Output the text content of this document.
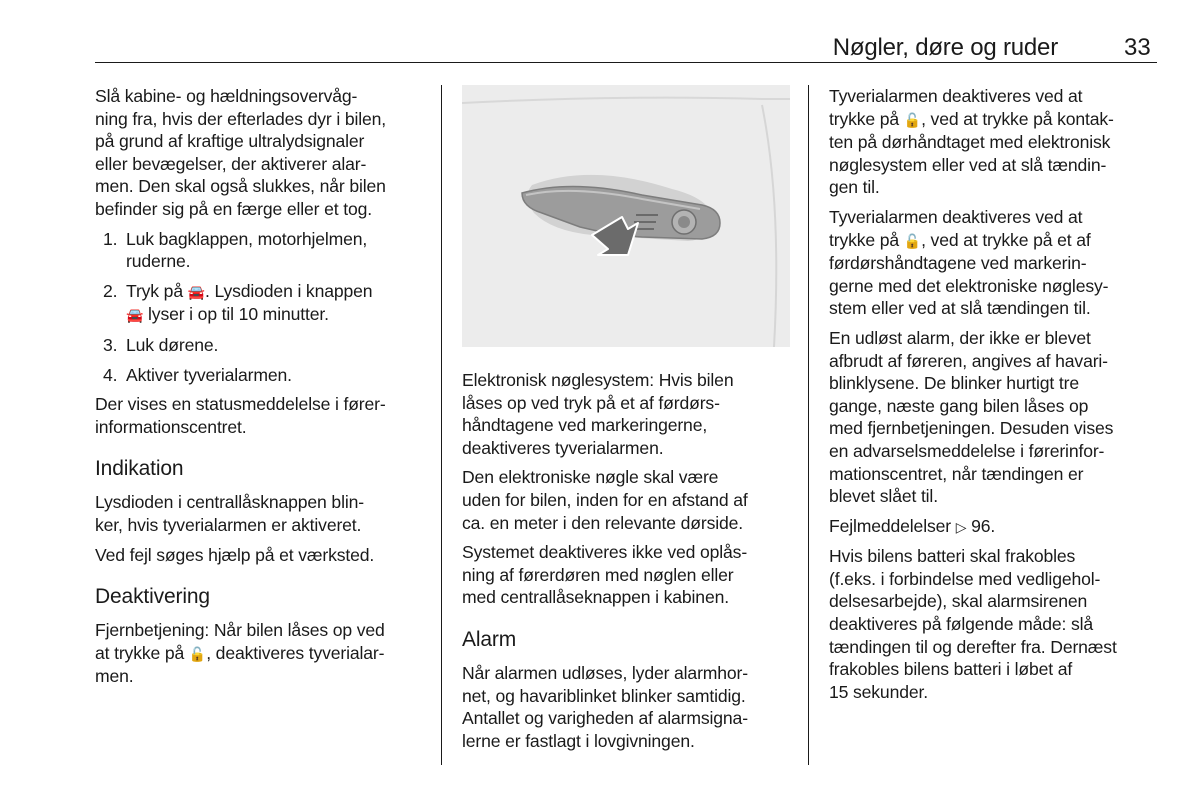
Nøgler, døre og ruder	33

Slå kabine- og hældningsovervåg-
ning fra, hvis der efterlades dyr i bilen,
på grund af kraftige ultralydsignaler
eller bevægelser, der aktiverer alar-
men. Den skal også slukkes, når bilen
befinder sig på en færge eller et tog.

1. Luk bagklappen, motorhjelmen,
ruderne.
2. Tryk på 🚘. Lysdioden i knappen
🚘 lyser i op til 10 minutter.
3. Luk dørene.
4. Aktiver tyverialarmen.

Der vises en statusmeddelelse i fører-
informationscentret.

Indikation

Lysdioden i centrallåsknappen blin-
ker, hvis tyverialarmen er aktiveret.

Ved fejl søges hjælp på et værksted.

Deaktivering

Fjernbetjening: Når bilen låses op ved
at trykke på 🔓, deaktiveres tyverialar-
men.

Elektronisk nøglesystem: Hvis bilen
låses op ved tryk på et af førdørs-
håndtagene ved markeringerne,
deaktiveres tyverialarmen.

Den elektroniske nøgle skal være
uden for bilen, inden for en afstand af
ca. en meter i den relevante dørside.

Systemet deaktiveres ikke ved oplås-
ning af førerdøren med nøglen eller
med centrallåseknappen i kabinen.

Alarm

Når alarmen udløses, lyder alarmhor-
net, og havariblinket blinker samtidig.
Antallet og varigheden af alarmsigna-
lerne er fastlagt i lovgivningen.

Tyverialarmen deaktiveres ved at
trykke på 🔓, ved at trykke på kontak-
ten på dørhåndtaget med elektronisk
nøglesystem eller ved at slå tændin-
gen til.

Tyverialarmen deaktiveres ved at
trykke på 🔓, ved at trykke på et af
førdørshåndtagene ved markerin-
gerne med det elektroniske nøglesy-
stem eller ved at slå tændingen til.

En udløst alarm, der ikke er blevet
afbrudt af føreren, angives af havari-
blinklysene. De blinker hurtigt tre
gange, næste gang bilen låses op
med fjernbetjeningen. Desuden vises
en advarselsmeddelelse i førerinfor-
mationscentret, når tændingen er
blevet slået til.

Fejlmeddelelser ▷ 96.

Hvis bilens batteri skal frakobles
(f.eks. i forbindelse med vedligehol-
delsesarbejde), skal alarmsirenen
deaktiveres på følgende måde: slå
tændingen til og derefter fra. Dernæst
frakobles bilens batteri i løbet af
15 sekunder.
